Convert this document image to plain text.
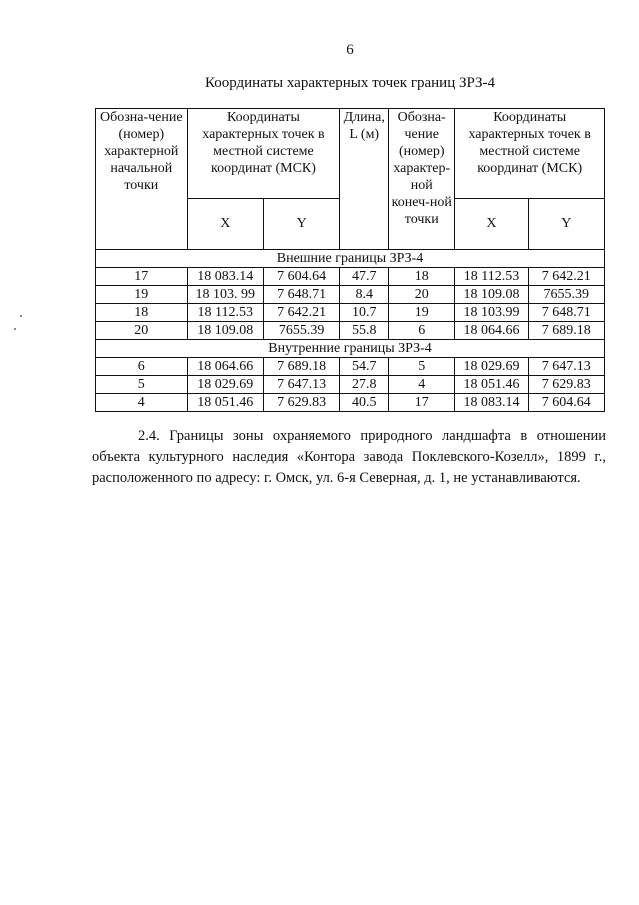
6
Координаты характерных точек границ ЗРЗ-4
Обозна-чение (номер) характерной начальной точки	Координаты характерных точек в местной системе координат (МСК)		Длина, L (м)	Обозна-чение (номер) характер-ной конеч-ной точки	Координаты характерных точек в местной системе координат (МСК)	
	X	Y			X	Y
Внешние границы ЗРЗ-4						
17	18 083.14	7 604.64	47.7	18	18 112.53	7 642.21
19	18 103. 99	7 648.71	8.4	20	18 109.08	7655.39
18	18 112.53	7 642.21	10.7	19	18 103.99	7 648.71
20	18 109.08	7655.39	55.8	6	18 064.66	7 689.18
Внутренние границы ЗРЗ-4						
6	18 064.66	7 689.18	54.7	5	18 029.69	7 647.13
5	18 029.69	7 647.13	27.8	4	18 051.46	7 629.83
4	18 051.46	7 629.83	40.5	17	18 083.14	7 604.64
2.4. Границы зоны охраняемого природного ландшафта в отношении объекта культурного наследия «Контора завода Поклевского-Козелл», 1899 г., расположенного по адресу: г. Омск, ул. 6-я Северная, д. 1, не устанавливаются.
